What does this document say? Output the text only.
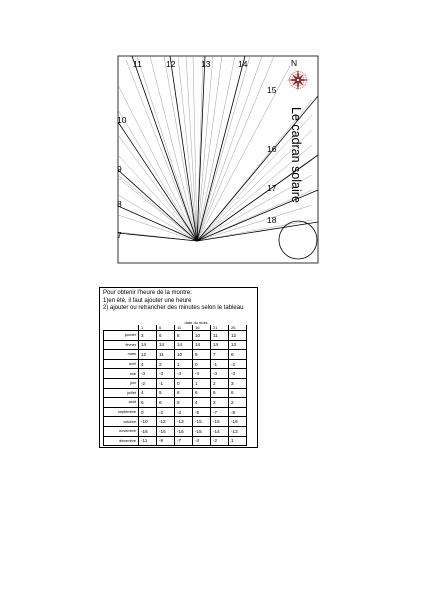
7
8
9
10
11	12	13	14
15
16
17
18
Le cadran solaire
N
Pour obtenir l'heure de la montre:
1)en été, il faut ajouter une heure
2) ajouter ou retrancher des minutes selon le tableau
date du mois
	1	6	11	16	21	26
janvier	3	6	8	10	11	12
février	14	14	14	14	14	13
mars	12	11	10	9	7	6
avril	4	2	1	0	-1	-2
mai	-3	-3	-4	-4	-3	-3
juin	-2	-1	0	1	2	3
juillet	4	5	6	6	6	6
août	6	6	5	4	3	2
septembre	0	-2	-3	-5	-7	-9
octobre	-10	-12	-13	-15	-15	-16
novembre	-16	-16	-16	-15	-14	-13
décembre	-11	-9	-7	-4	-2	1
